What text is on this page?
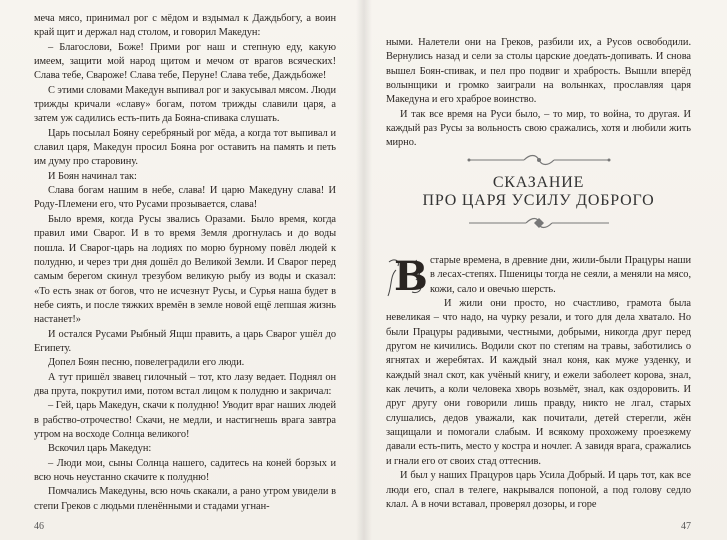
меча мясо, принимал рог с мёдом и вздымал к Даждьбогу, а воин край щит и держал над столом, и говорил Македун:

– Благослови, Боже! Прими рог наш и степную еду, какую имеем, защити мой народ щитом и мечом от врагов всяческих! Слава тебе, Свароже! Слава тебе, Перуне! Слава тебе, Даждьбоже!

С этими словами Македун выпивал рог и закусывал мясом. Люди трижды кричали «славу» богам, потом трижды славили царя, а затем уж садились есть-пить да Бояна-спивака слушать.

Царь посылал Бояну серебряный рог мёда, а когда тот выпивал и славил царя, Македун просил Бояна рог оставить на память и петь им думу про старовину.

И Боян начинал так:

Слава богам нашим в небе, слава! И царю Македуну слава! И Роду-Племени его, что Русами прозывается, слава!

Было время, когда Русы звались Оразами. Было время, когда правил ими Сварог. И в то время Земля дрогнулась и до воды пошла. И Сварог-царь на лодиях по морю бурному повёл людей к полудню, и через три дня дошёл до Великой Земли. И Сварог перед самым берегом скинул трезубом великую рыбу из воды и сказал: «То есть знак от богов, что не исчезнут Русы, и Сурья наша будет в небе сиять, и после тяжких времён в земле новой ещё лепшая жизнь настанет!»

И остался Русами Рыбный Ящш править, а царь Сварог ушёл до Египету.

Допел Боян песню, повелеградили его люди.

А тут пришёл звавец гилочный – тот, кто лазу ведает. Поднял он два прута, покрутил ими, потом встал лицом к полудню и закричал:

– Гей, царь Македун, скачи к полудню! Уводит враг наших людей в рабство-отрочество! Скачи, не медли, и настигнешь врага завтра утром на восходе Солнца великого!

Вскочил царь Македун:

– Люди мои, сыны Солнца нашего, садитесь на коней борзых и всю ночь неустанно скачите к полудню!

Помчались Македуны, всю ночь скакали, а рано утром увидели в степи Греков с людьми пленёнными и стадами угнан-

46

ными. Налетели они на Греков, разбили их, а Русов освободили. Вернулись назад и сели за столы царские доедать-допивать. И снова вышел Боян-спивак, и пел про подвиг и храбрость. Вышли вперёд волынщики и громко заиграли на волынках, прославляя царя Македуна и его храброе воинство.

И так все время на Руси было, – то мир, то война, то другая. И каждый раз Русы за вольность свою сражались, хотя и любили жить мирно.

СКАЗАНИЕ
ПРО ЦАРЯ УСИЛУ ДОБРОГО

В старые времена, в древние дни, жили-были Працуры наши в лесах-степях. Пшеницы тогда не сеяли, а меняли на мясо, кожи, сало и овечью шерсть.

И жили они просто, но счастливо, грамота была невеликая – что надо, на чурку резали, и того для дела хватало. Но были Працуры радивыми, честными, добрыми, никогда друг перед другом не кичились. Водили скот по степям на травы, заботились о ягнятах и жеребятах. И каждый знал коня, как муже узденку, и каждый знал скот, как учёный книгу, и ежели заболеет корова, знал, как лечить, а коли человека хворь возьмёт, знал, как оздоровить. И друг другу они говорили лишь правду, никто не лгал, старых слушались, дедов уважали, как почитали, детей стерегли, жён защищали и помогали слабым. И всякому прохожему проезжему давали есть-пить, место у костра и ночлег. А завидя врага, сражались и гнали его от своих стад оттеснив.

И был у наших Працуров царь Усила Добрый. И царь тот, как все люди его, спал в телеге, накрывался попоной, а под голову седло клал. А в ночи вставал, проверял дозоры, и горе

47
